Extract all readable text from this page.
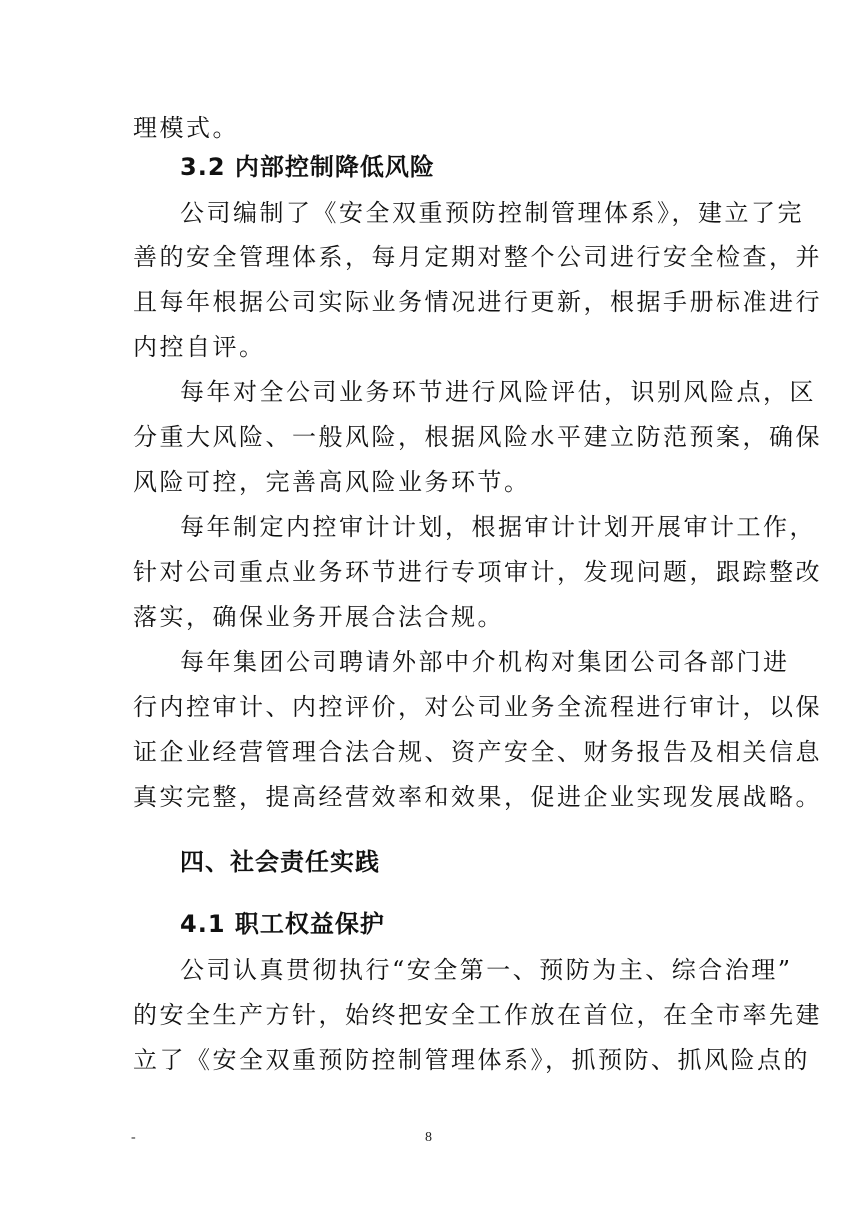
理模式。

3.2 内部控制降低风险

公司编制了《安全双重预防控制管理体系》，建立了完

善的安全管理体系，每月定期对整个公司进行安全检查，并

且每年根据公司实际业务情况进行更新，根据手册标准进行

内控自评。

每年对全公司业务环节进行风险评估，识别风险点，区

分重大风险、一般风险，根据风险水平建立防范预案，确保

风险可控，完善高风险业务环节。

每年制定内控审计计划，根据审计计划开展审计工作，

针对公司重点业务环节进行专项审计，发现问题，跟踪整改

落实，确保业务开展合法合规。

每年集团公司聘请外部中介机构对集团公司各部门进

行内控审计、内控评价，对公司业务全流程进行审计，以保

证企业经营管理合法合规、资产安全、财务报告及相关信息

真实完整，提高经营效率和效果，促进企业实现发展战略。

四、社会责任实践

4.1 职工权益保护

公司认真贯彻执行“安全第一、预防为主、综合治理”

的安全生产方针，始终把安全工作放在首位，在全市率先建

立了《安全双重预防控制管理体系》，抓预防、抓风险点的

-	8
